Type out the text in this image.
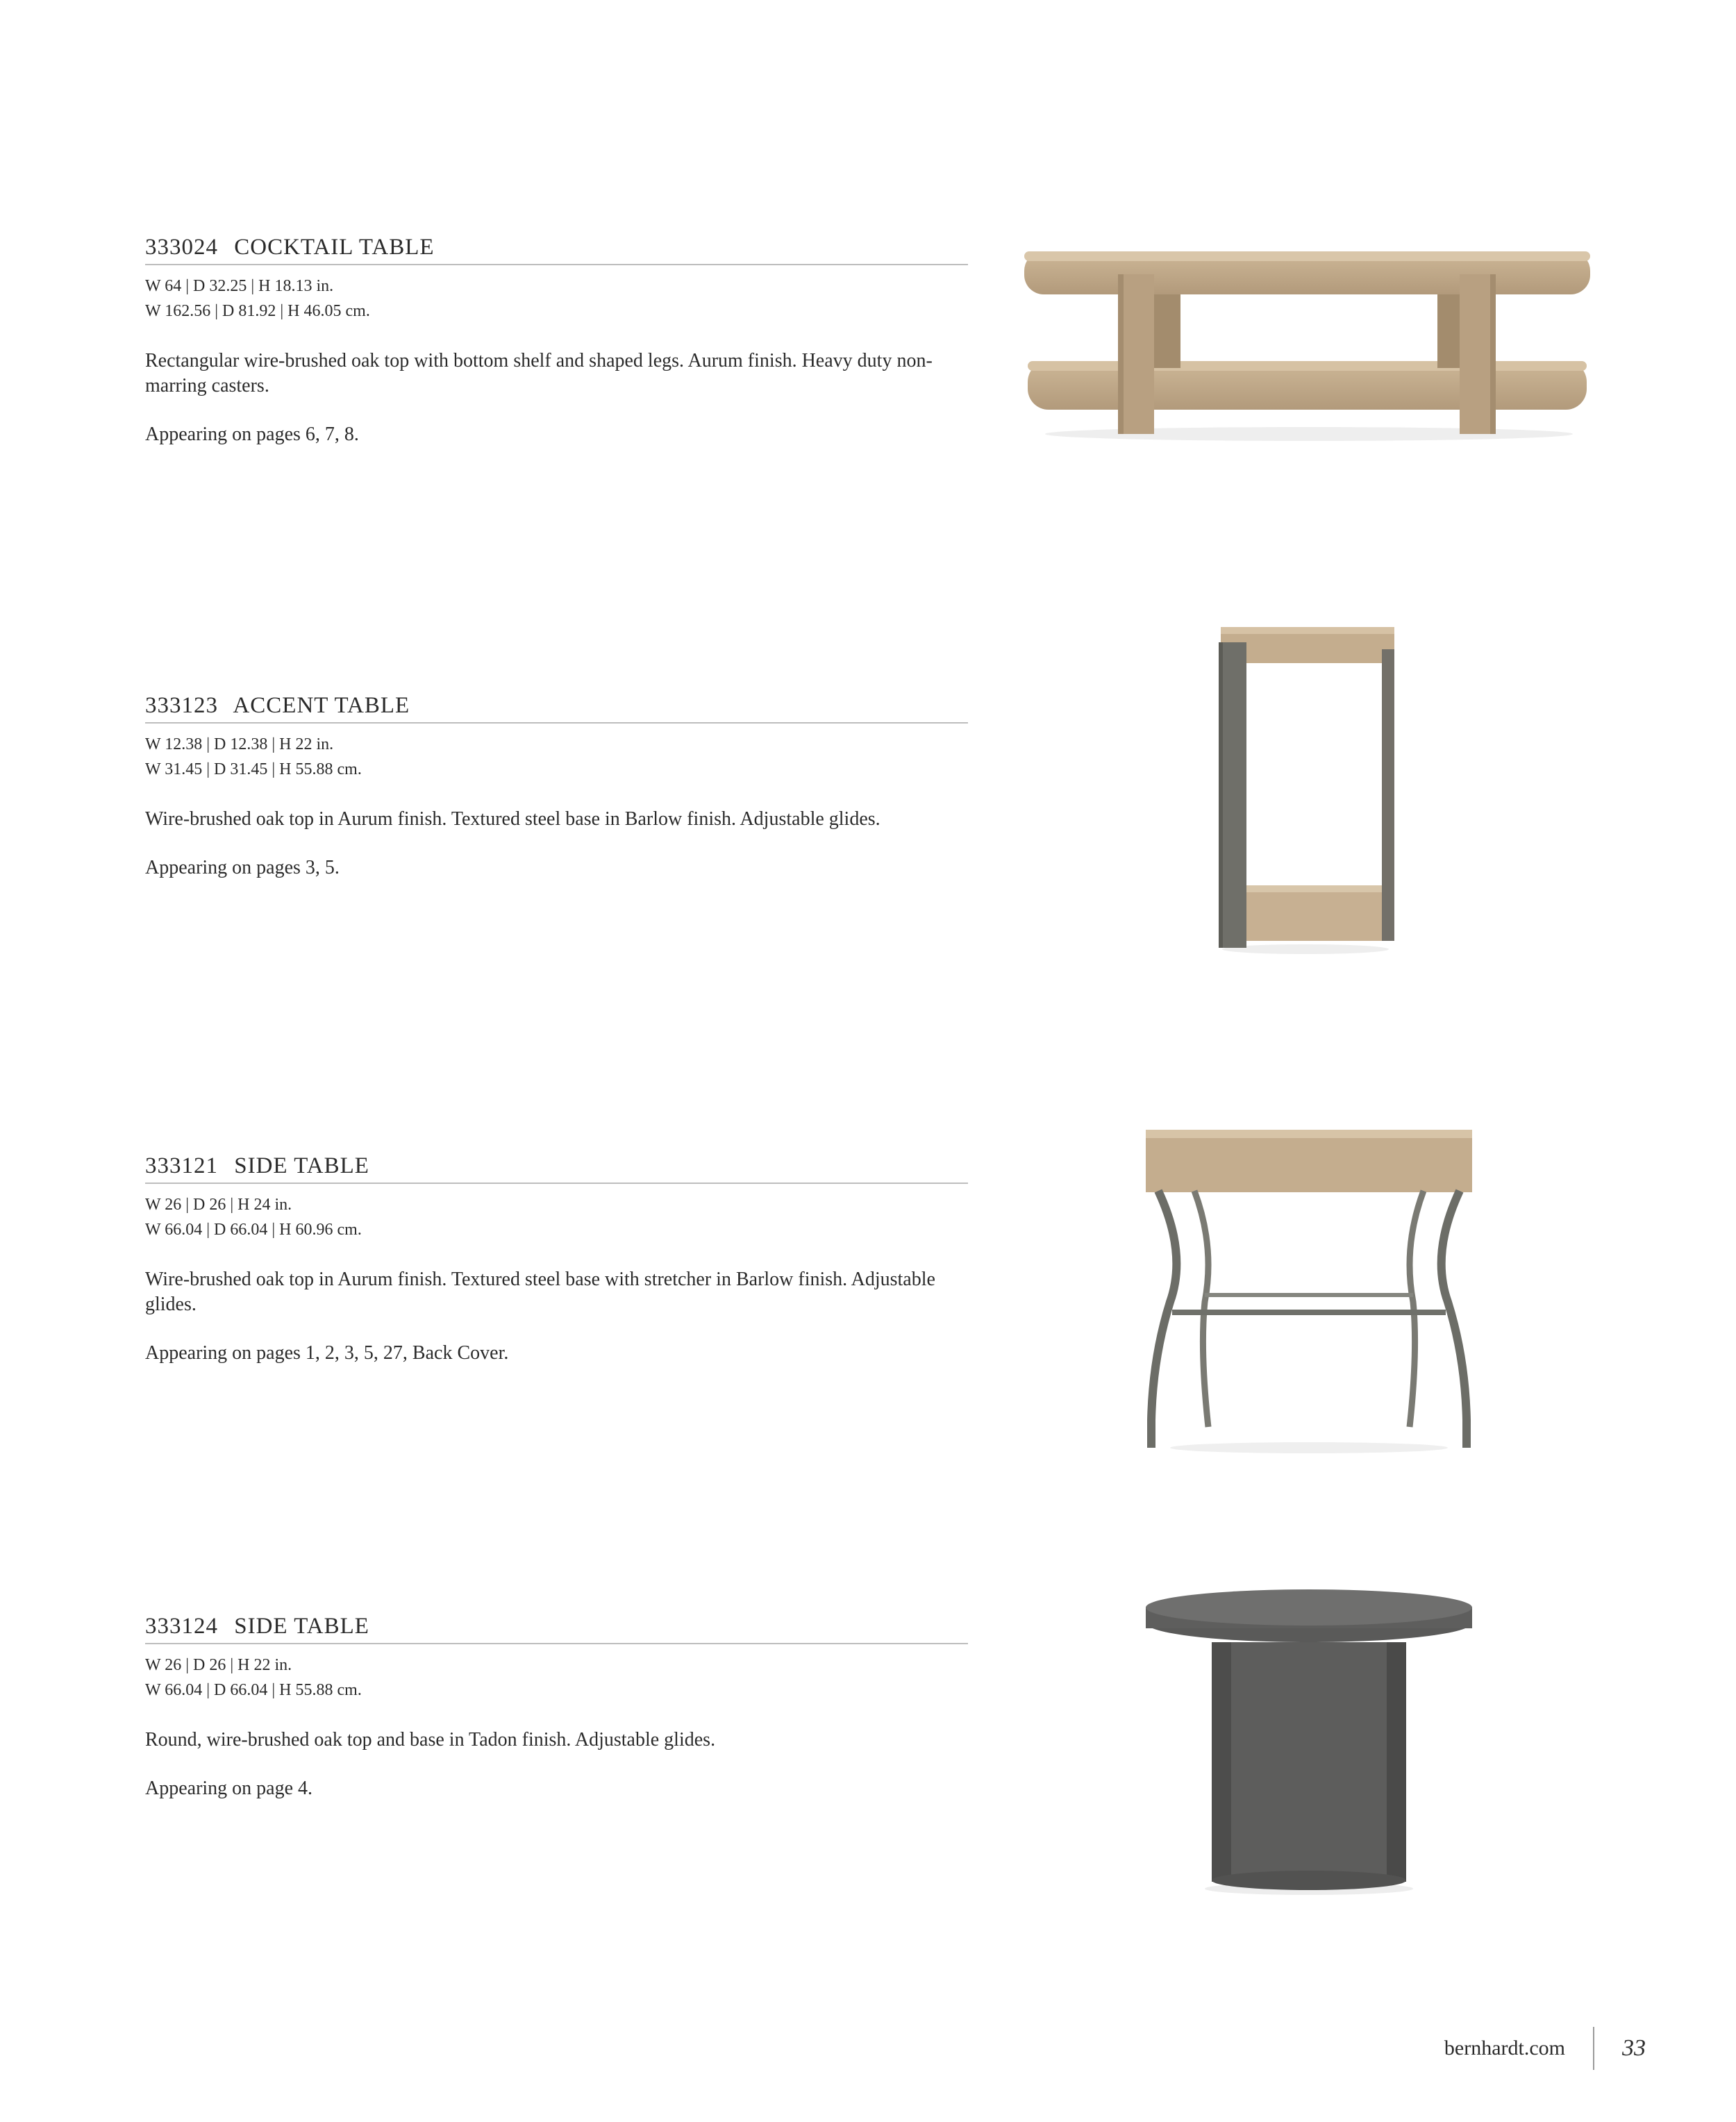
333024 COCKTAIL TABLE
W 64 | D 32.25 | H 18.13 in.
W 162.56 | D 81.92 | H 46.05 cm.
Rectangular wire-brushed oak top with bottom shelf and shaped legs. Aurum finish. Heavy duty non-marring casters.
Appearing on pages 6, 7, 8.
333123 ACCENT TABLE
W 12.38 | D 12.38 | H 22 in.
W 31.45 | D 31.45 | H 55.88 cm.
Wire-brushed oak top in Aurum finish. Textured steel base in Barlow finish. Adjustable glides.
Appearing on pages 3, 5.
333121 SIDE TABLE
W 26 | D 26 | H 24 in.
W 66.04 | D 66.04 | H 60.96 cm.
Wire-brushed oak top in Aurum finish. Textured steel base with stretcher in Barlow finish. Adjustable glides.
Appearing on pages 1, 2, 3, 5, 27, Back Cover.
333124 SIDE TABLE
W 26 | D 26 | H 22 in.
W 66.04 | D 66.04 | H 55.88 cm.
Round, wire-brushed oak top and base in Tadon finish. Adjustable glides.
Appearing on page 4.
bernhardt.com 33
